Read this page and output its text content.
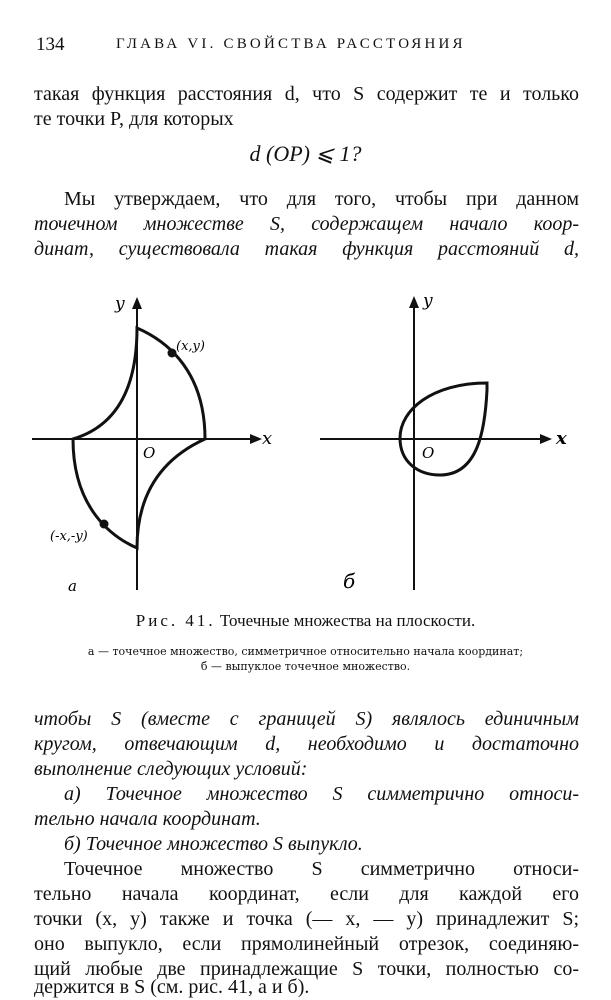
134	ГЛАВА VI. СВОЙСТВА РАССТОЯНИЯ
такая функция расстояния d, что S содержит те и только
те точки P, для которых
d (OP) ⩽ 1?
Мы утверждаем, что для того, чтобы при данном
точечном множестве S, содержащем начало коор-
динат, существовала такая функция расстояний d,
y
x
O
(x,y)
(-x,-y)
а
y
x
O
б
Рис. 41. Точечные множества на плоскости.
а — точечное множество, симметричное относительно начала координат;
б — выпуклое точечное множество.
чтобы S (вместе с границей S) являлось единичным
кругом, отвечающим d, необходимо и достаточно
выполнение следующих условий:
а) Точечное множество S симметрично относи-
тельно начала координат.
б) Точечное множество S выпукло.
Точечное множество S симметрично относи-
тельно начала координат, если для каждой его
точки (x, y) также и точка (— x, — y) принадлежит S;
оно выпукло, если прямолинейный отрезок, соединяю-
щий любые две принадлежащие S точки, полностью со-
держится в S (см. рис. 41, а и б).
